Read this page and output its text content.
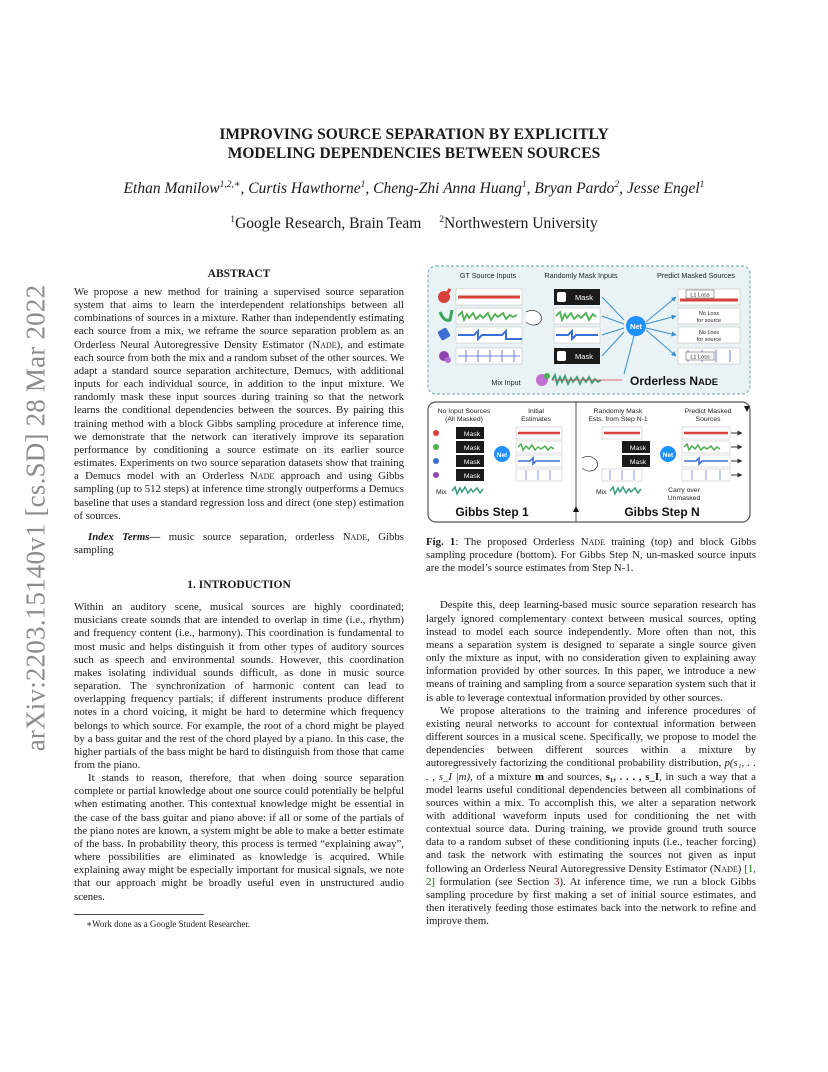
arXiv:2203.15140v1 [cs.SD] 28 Mar 2022
IMPROVING SOURCE SEPARATION BY EXPLICITLY
MODELING DEPENDENCIES BETWEEN SOURCES
Ethan Manilow$^{1,2,∗}$, Curtis Hawthorne$^1$, Cheng-Zhi Anna Huang$^1$, Bryan Pardo$^2$, Jesse Engel$^1$
$^1$Google Research, Brain Team $^2$Northwestern University
ABSTRACT

We propose a new method for training a supervised source separation system that aims to learn the interdependent relationships between all combinations of sources in a mixture. Rather than independently estimating each source from a mix, we reframe the source separation problem as an Orderless Neural Autoregressive Density Estimator (Nade), and estimate each source from both the mix and a random subset of the other sources. We adapt a standard source separation architecture, Demucs, with additional inputs for each individual source, in addition to the input mixture. We randomly mask these input sources during training so that the network learns the conditional dependencies between the sources. By pairing this training method with a block Gibbs sampling procedure at inference time, we demonstrate that the network can iteratively improve its separation performance by conditioning a source estimate on its earlier source estimates. Experiments on two source separation datasets show that training a Demucs model with an Orderless Nade approach and using Gibbs sampling (up to 512 steps) at inference time strongly outperforms a Demucs baseline that uses a standard regression loss and direct (one step) estimation of sources.

Index Terms— music source separation, orderless Nade, Gibbs sampling

1. INTRODUCTION

Within an auditory scene, musical sources are highly coordinated; musicians create sounds that are intended to overlap in time (i.e., rhythm) and frequency content (i.e., harmony). This coordination is fundamental to most music and helps distinguish it from other types of auditory sources such as speech and environmental sounds. However, this coordination makes isolating individual sounds difficult, as done in music source separation. The synchronization of harmonic content can lead to overlapping frequency partials; if different instruments produce different notes in a chord voicing, it might be hard to determine which frequency belongs to which source. For example, the root of a chord might be played by a bass guitar and the rest of the chord played by a piano. In this case, the higher partials of the bass might be hard to distinguish from those that came from the piano.

It stands to reason, therefore, that when doing source separation complete or partial knowledge about one source could potentially be helpful when estimating another. This contextual knowledge might be essential in the case of the bass guitar and piano above: if all or some of the partials of the piano notes are known, a system might be able to make a better estimate of the bass. In probability theory, this process is termed “explaining away”, where possibilities are eliminated as knowledge is acquired. While explaining away might be especially important for musical signals, we note that our approach might be broadly useful even in unstructured audio scenes.

∗Work done as a Google Student Researcher.
GT Source Inputs	Randomly Mask Inputs	Predict Masked Sources
Mask
Mask
Net
L1 Loss
No Loss
for source
No Loss
for source
L1 Loss
Mix Input	Orderless NADE
No Input Sources
(All Masked)
Initial
Estimates
Randomly Mask
Ests. from Step N-1
Predict Masked
Sources
Mask
Mask
Mask
Mask
Mix
Net
Gibbs Step 1
Mask
Mask
Mix
Net
Carry over
Unmasked
Gibbs Step N
Fig. 1: The proposed Orderless Nade training (top) and block Gibbs sampling procedure (bottom). For Gibbs Step N, un-masked source inputs are the model’s source estimates from Step N-1.

Despite this, deep learning-based music source separation research has largely ignored complementary context between musical sources, opting instead to model each source independently. More often than not, this means a separation system is designed to separate a single source given only the mixture as input, with no consideration given to explaining away information provided by other sources. In this paper, we introduce a new means of training and sampling from a source separation system such that it is able to leverage contextual information provided by other sources.

We propose alterations to the training and inference procedures of existing neural networks to account for contextual information between different sources in a musical scene. Specifically, we propose to model the dependencies between different sources within a mixture by autoregressively factorizing the conditional probability distribution, p(s₁, . . . , s_I |m), of a mixture m and sources, s₁, . . . , s_I, in such a way that a model learns useful conditional dependencies between all combinations of sources within a mix. To accomplish this, we alter a separation network with additional waveform inputs used for conditioning the net with contextual source data. During training, we provide ground truth source data to a random subset of these conditioning inputs (i.e., teacher forcing) and task the network with estimating the sources not given as input following an Orderless Neural Autoregressive Density Estimator (Nade) [1, 2] formulation (see Section 3). At inference time, we run a block Gibbs sampling procedure by first making a set of initial source estimates, and then iteratively feeding those estimates back into the network to refine and improve them.
